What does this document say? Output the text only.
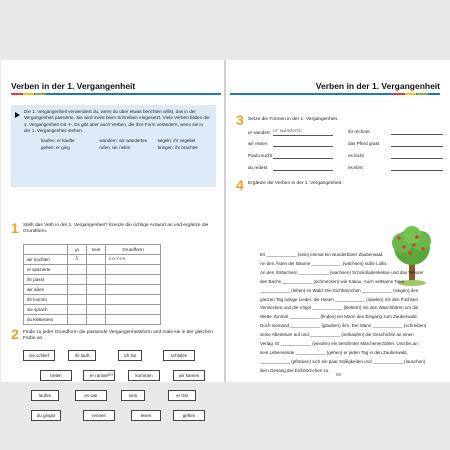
Verben in der 1. Vergangenheit
Die 1. Vergangenheit verwendest du, wenn du über etwas berichten willst, das in der Vergangenheit passierte. Sie wird meist beim Schreiben eingesetzt. Viele Verben bilden die 1. Vergangenheit mit -t-. Es gibt aber auch Verben, die ihre Form verändern, wenn sie in der 1. Vergangenheit stehen.
kaufen: er kaufte	wandern: wir wanderten	segeln: ihr segeltet
gehen: er ging	rufen: wir riefen	bringen: ihr brachtet
1 Stellt das Verb in der 1. Vergangenheit? Kreuze die richtige Antwort an und ergänze die Grundform.
	ja	nein	Grundform
wir kochten	X		kochen
er spazierte			
ihr passt			
wir aßen			
ihr kommt			
sie sprach			
du klettertest			
2 Finde zu jeder Grundform die passende Vergangenheitsform und male sie in der gleichen Farbe an.
sie schlief	ihr lauft	ich los	schlafen
treten	er rannte	kommen	wir kamen
laufen	es war	sein	er trat
du gingst	rennen	lesen	gehen
64
Verben in der 1. Vergangenheit
3 Setze die Formen in der 1. Vergangenheit.
er wandert er wanderte	ihr rechnet
wir essen	das Pferd grast
Paula sucht	es lacht
du redest	es klirrt
4 Ergänze die Verben in der 1. Vergangenheit.
Es ____________ (sein) einmal ein wunderbarer Zauberwald.
An den Ästen der Bäume ____________ (wachsen) süße Lollis.
An den Sträuchern ____________ (wachsen) Schokoladenkekse und das Wasser
des Bachs ____________ (schmecken) wie Kakao. Auch seltsame Tiere
____________ (leben) im Wald: Die Eichhörnchen ____________ (singen) den
ganzen Tag lustige Lieder, die Hasen ____________ (spielen) mit den Füchsen
Verstecken und die Vögel ____________ (klettern) mit den Waschbären um die
Wette. Einmal ____________ (finden) ein Mann den Eingang zum Zauberwald.
Doch niemand ____________ (glauben) ihm. Der Mann ____________ (schreiben)
seine Abenteuer auf und ____________ (verkaufen) die Geschichte an einen
Verlag. Er ____________ (werden) ein berühmter Märchenerzähler. Und bis an
sein Lebensende ____________ (gehen) er jeden Tag in den Zauberwald,
____________ (pflücken) sich ein paar Süßigkeiten und ____________ (lauschen)
dem Gesang der Eichhörnchen zu.
65
